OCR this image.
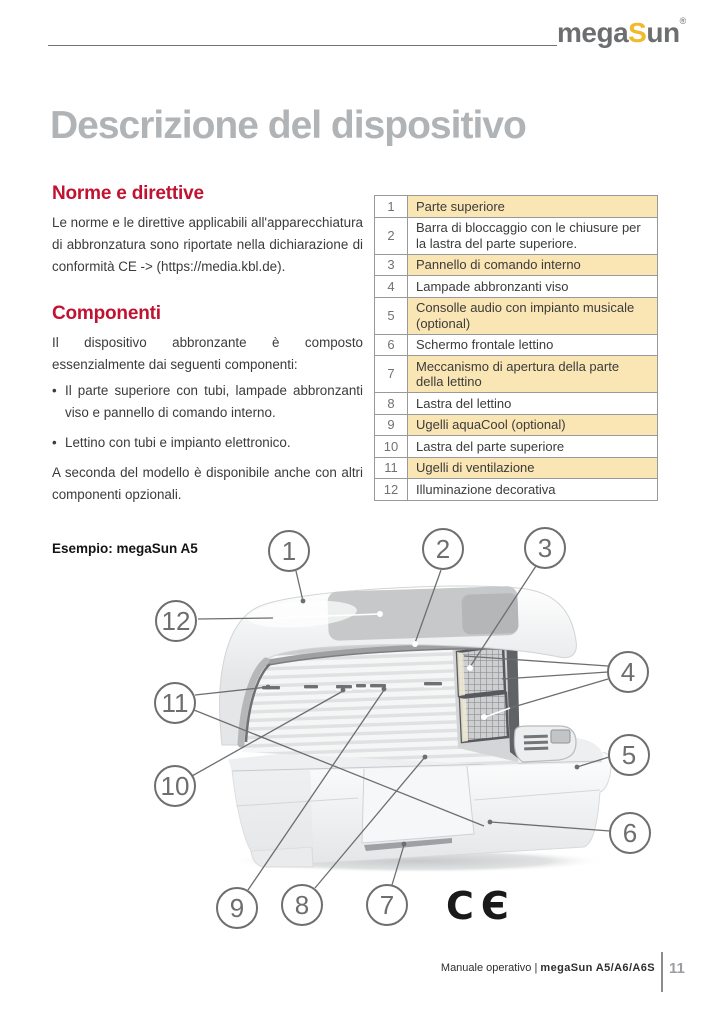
megaSun®
Descrizione del dispositivo
Norme e direttive

Le norme e le direttive applicabili all'apparecchiatura di abbronzatura sono riportate nella dichiarazione di conformità CE -> (https://media.kbl.de).

Componenti

Il dispositivo abbronzante è composto essenzialmente dai seguenti componenti:

• Il parte superiore con tubi, lampade abbronzanti viso e pannello di comando interno.
• Lettino con tubi e impianto elettronico.

A seconda del modello è disponibile anche con altri componenti opzionali.

1	Parte superiore
2	Barra di bloccaggio con le chiusure per la lastra del parte superiore.
3	Pannello di comando interno
4	Lampade abbronzanti viso
5	Consolle audio con impianto musicale (optional)
6	Schermo frontale lettino
7	Meccanismo di apertura della parte della lettino
8	Lastra del lettino
9	Ugelli aquaCool (optional)
10	Lastra del parte superiore
11	Ugelli di ventilazione
12	Illuminazione decorativa
Esempio: megaSun A5
CЄ
1	2	3
4
5
6
7
8
9
10
11
12
Manuale operativo | megaSun A5/A6/A6S 11
